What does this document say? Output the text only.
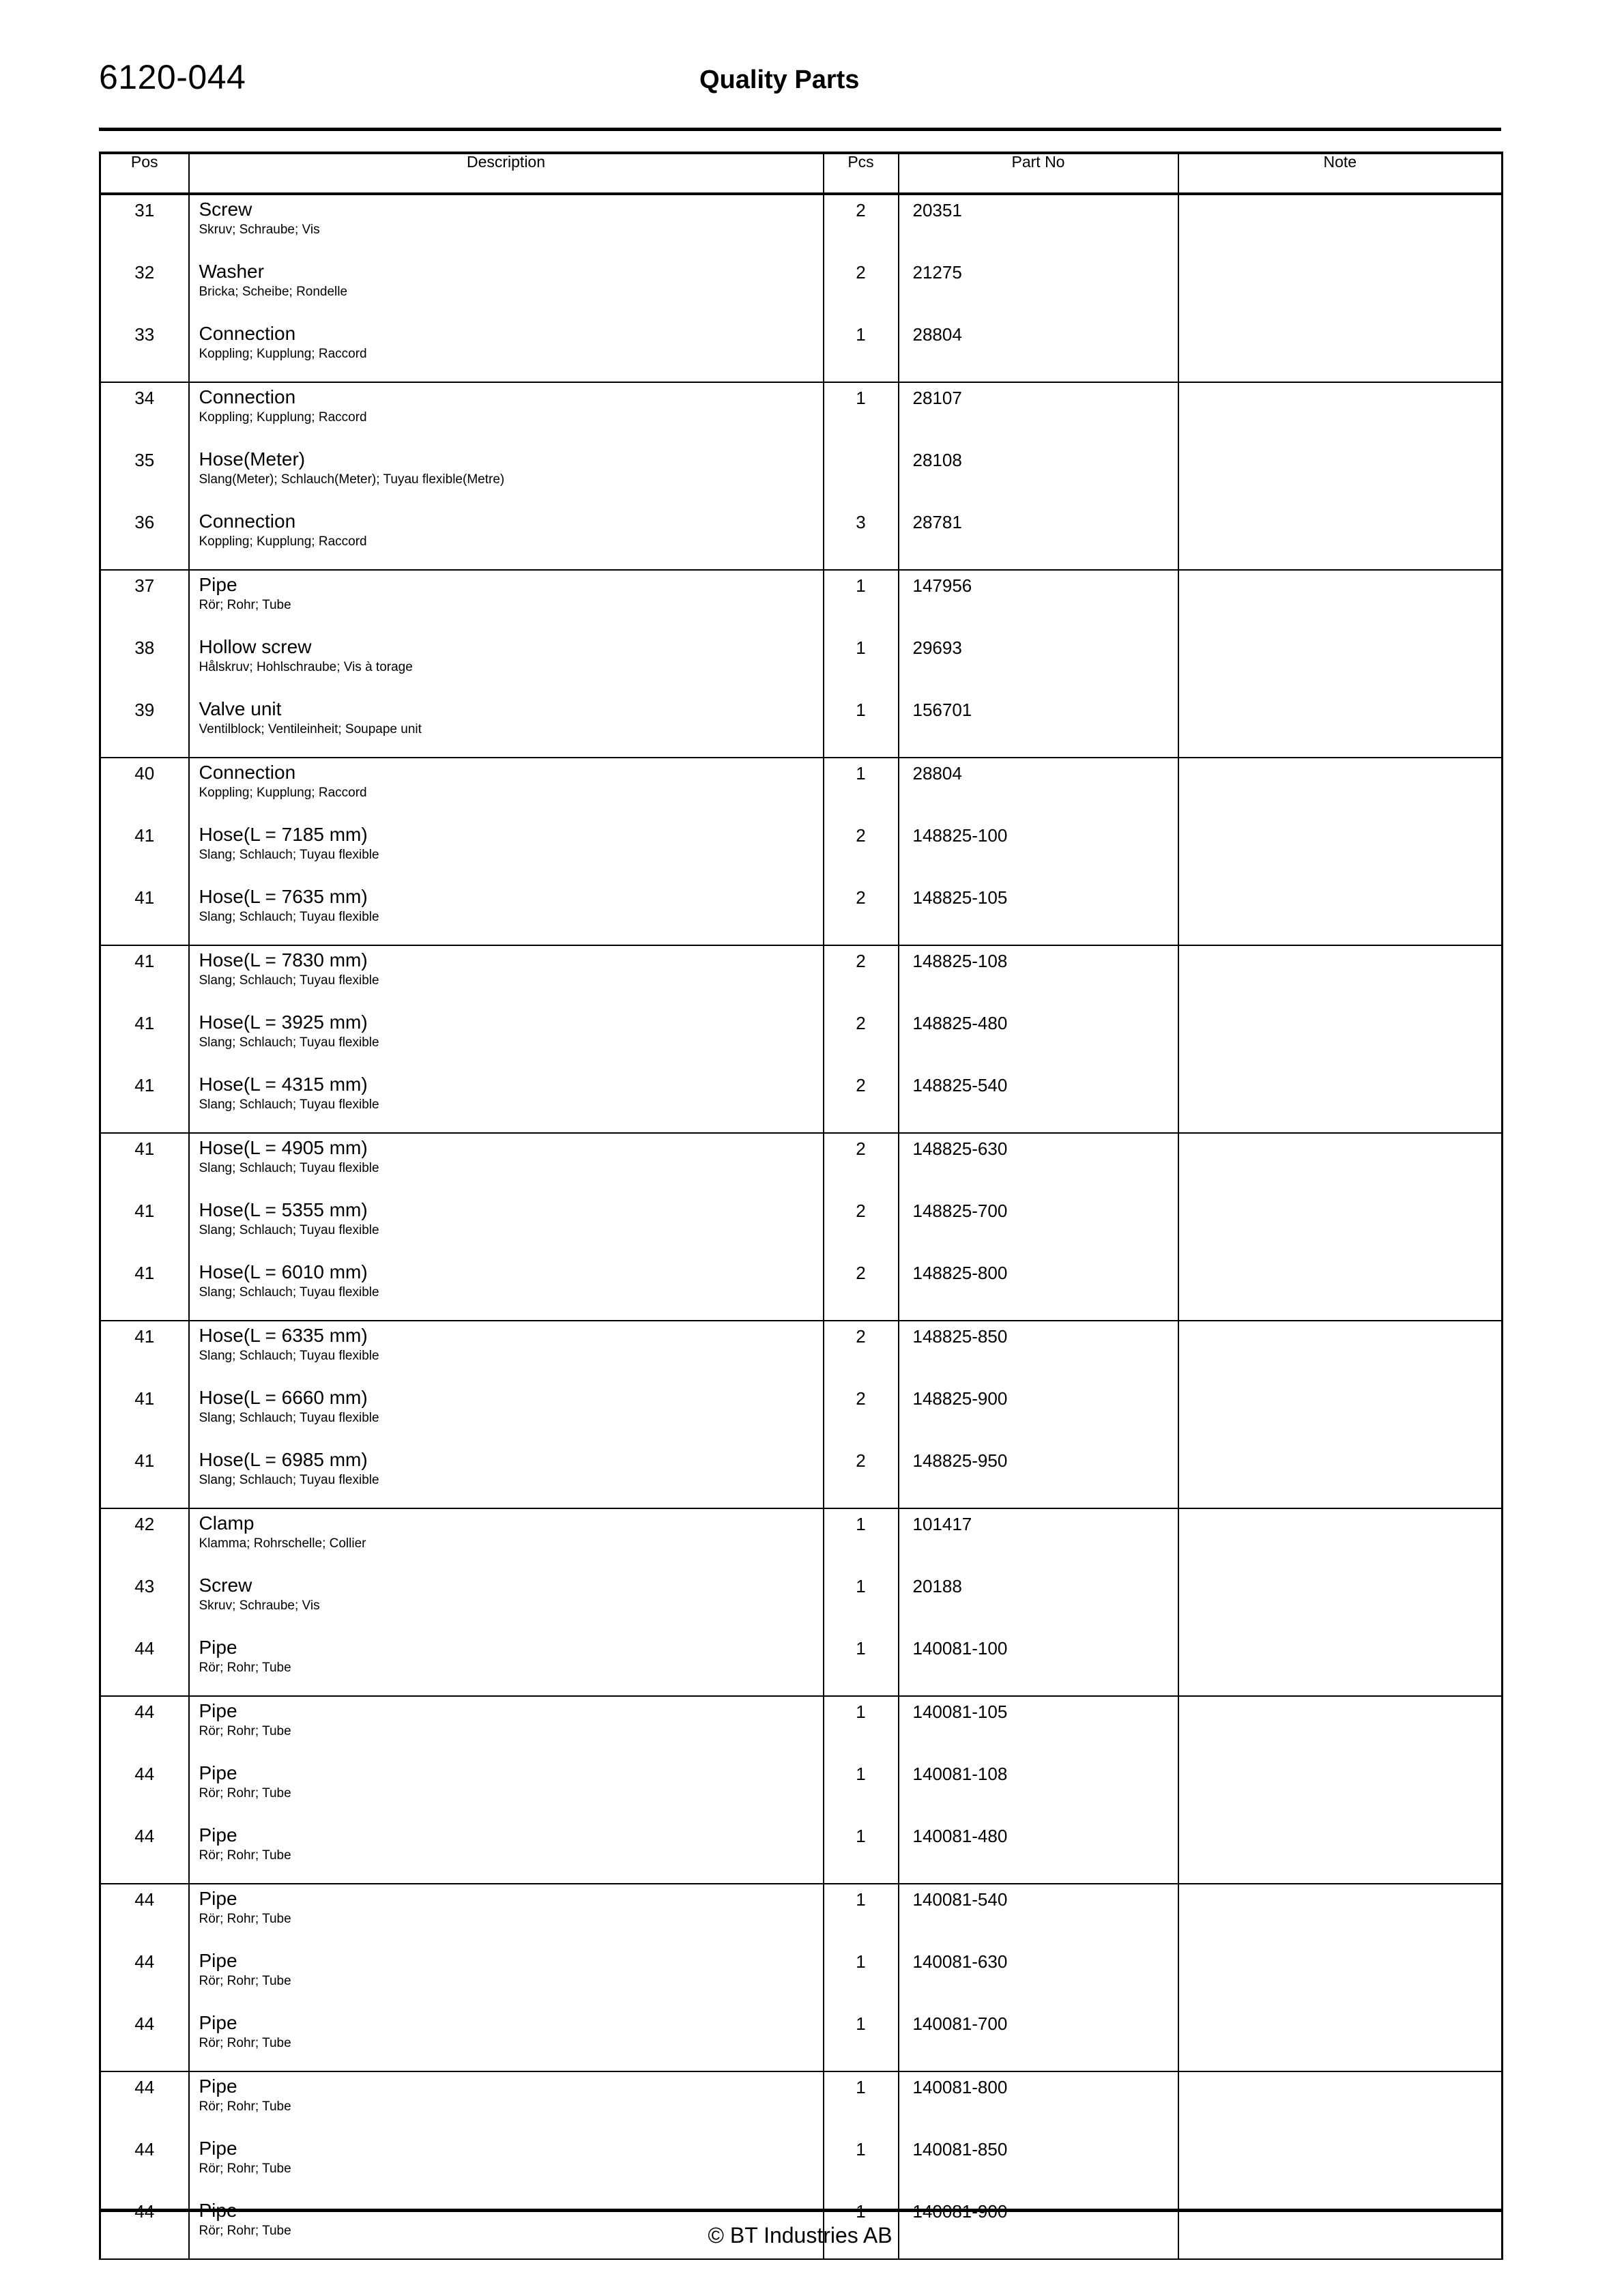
6120-044	Quality Parts
Pos	Description	Pcs	Part No	Note
31	Screw
Skruv; Schraube; Vis	2	20351	
32	Washer
Bricka; Scheibe; Rondelle	2	21275	
33	Connection
Koppling; Kupplung; Raccord	1	28804	
34	Connection
Koppling; Kupplung; Raccord	1	28107	
35	Hose(Meter)
Slang(Meter); Schlauch(Meter); Tuyau flexible(Metre)		28108	
36	Connection
Koppling; Kupplung; Raccord	3	28781	
37	Pipe
Rör; Rohr; Tube	1	147956	
38	Hollow screw
Hålskruv; Hohlschraube; Vis à torage	1	29693	
39	Valve unit
Ventilblock; Ventileinheit; Soupape unit	1	156701	
40	Connection
Koppling; Kupplung; Raccord	1	28804	
41	Hose(L = 7185 mm)
Slang; Schlauch; Tuyau flexible	2	148825-100	
41	Hose(L = 7635 mm)
Slang; Schlauch; Tuyau flexible	2	148825-105	
41	Hose(L = 7830 mm)
Slang; Schlauch; Tuyau flexible	2	148825-108	
41	Hose(L = 3925 mm)
Slang; Schlauch; Tuyau flexible	2	148825-480	
41	Hose(L = 4315 mm)
Slang; Schlauch; Tuyau flexible	2	148825-540	
41	Hose(L = 4905 mm)
Slang; Schlauch; Tuyau flexible	2	148825-630	
41	Hose(L = 5355 mm)
Slang; Schlauch; Tuyau flexible	2	148825-700	
41	Hose(L = 6010 mm)
Slang; Schlauch; Tuyau flexible	2	148825-800	
41	Hose(L = 6335 mm)
Slang; Schlauch; Tuyau flexible	2	148825-850	
41	Hose(L = 6660 mm)
Slang; Schlauch; Tuyau flexible	2	148825-900	
41	Hose(L = 6985 mm)
Slang; Schlauch; Tuyau flexible	2	148825-950	
42	Clamp
Klamma; Rohrschelle; Collier	1	101417	
43	Screw
Skruv; Schraube; Vis	1	20188	
44	Pipe
Rör; Rohr; Tube	1	140081-100	
44	Pipe
Rör; Rohr; Tube	1	140081-105	
44	Pipe
Rör; Rohr; Tube	1	140081-108	
44	Pipe
Rör; Rohr; Tube	1	140081-480	
44	Pipe
Rör; Rohr; Tube	1	140081-540	
44	Pipe
Rör; Rohr; Tube	1	140081-630	
44	Pipe
Rör; Rohr; Tube	1	140081-700	
44	Pipe
Rör; Rohr; Tube	1	140081-800	
44	Pipe
Rör; Rohr; Tube	1	140081-850	
44	Pipe
Rör; Rohr; Tube	1	140081-900	
© BT Industries AB
